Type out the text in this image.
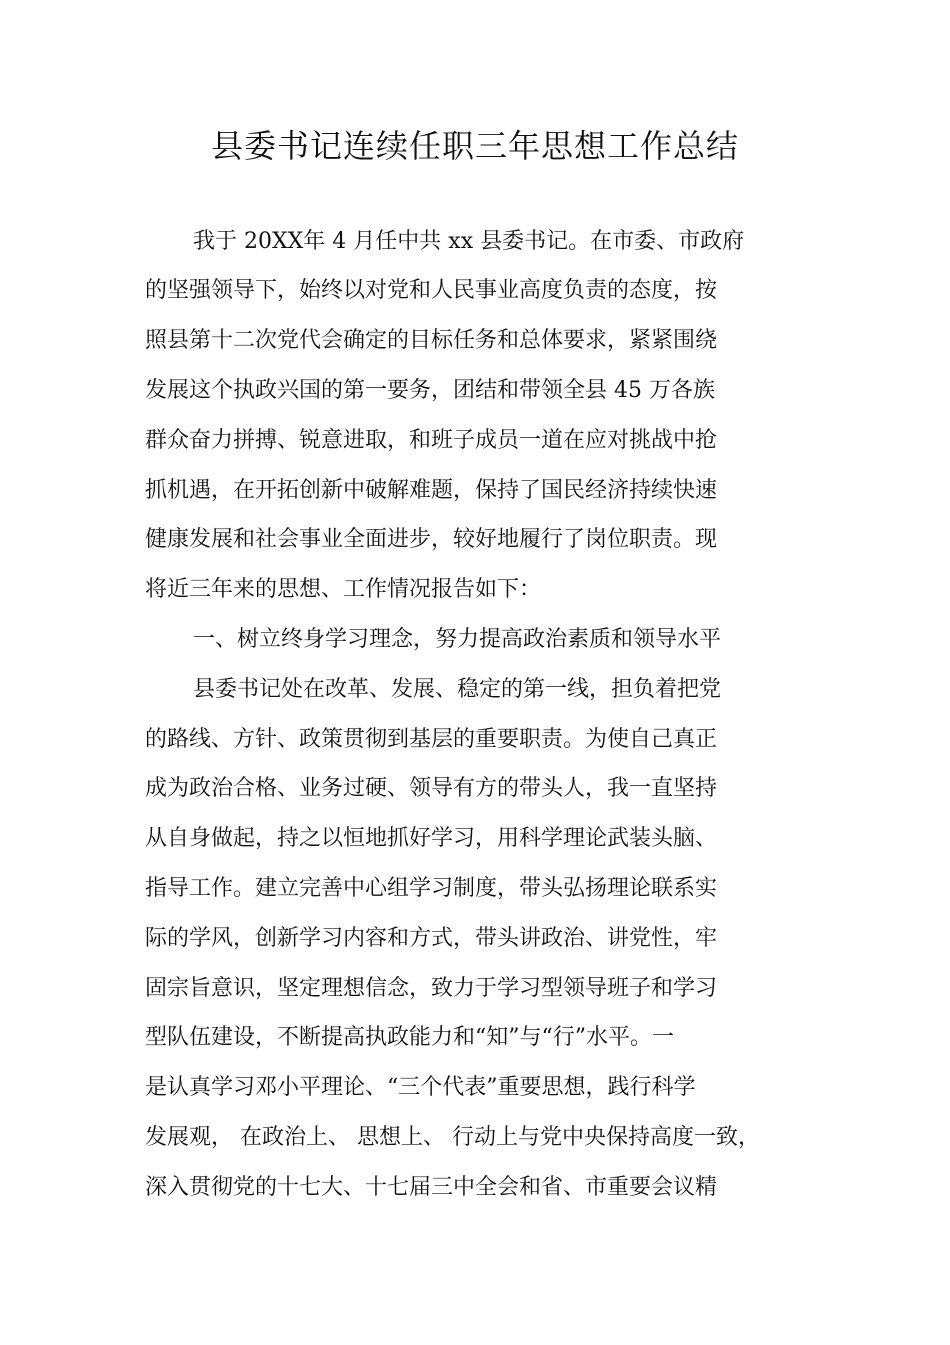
县委书记连续任职三年思想工作总结

我于 20XX年 4 月任中共 xx 县委书记。在市委、市政府

的坚强领导下，始终以对党和人民事业高度负责的态度，按

照县第十二次党代会确定的目标任务和总体要求，紧紧围绕

发展这个执政兴国的第一要务，团结和带领全县 45 万各族

群众奋力拼搏、锐意进取，和班子成员一道在应对挑战中抢

抓机遇，在开拓创新中破解难题，保持了国民经济持续快速

健康发展和社会事业全面进步，较好地履行了岗位职责。现

将近三年来的思想、工作情况报告如下：

一、树立终身学习理念，努力提高政治素质和领导水平

县委书记处在改革、发展、稳定的第一线，担负着把党

的路线、方针、政策贯彻到基层的重要职责。为使自己真正

成为政治合格、业务过硬、领导有方的带头人，我一直坚持

从自身做起，持之以恒地抓好学习，用科学理论武装头脑、

指导工作。建立完善中心组学习制度，带头弘扬理论联系实

际的学风，创新学习内容和方式，带头讲政治、讲党性，牢

固宗旨意识，坚定理想信念，致力于学习型领导班子和学习

型队伍建设，不断提高执政能力和“知”与“行”水平。一

是认真学习邓小平理论、“三个代表”重要思想，践行科学

发展观， 在政治上、 思想上、 行动上与党中央保持高度一致，

深入贯彻党的十七大、十七届三中全会和省、市重要会议精
